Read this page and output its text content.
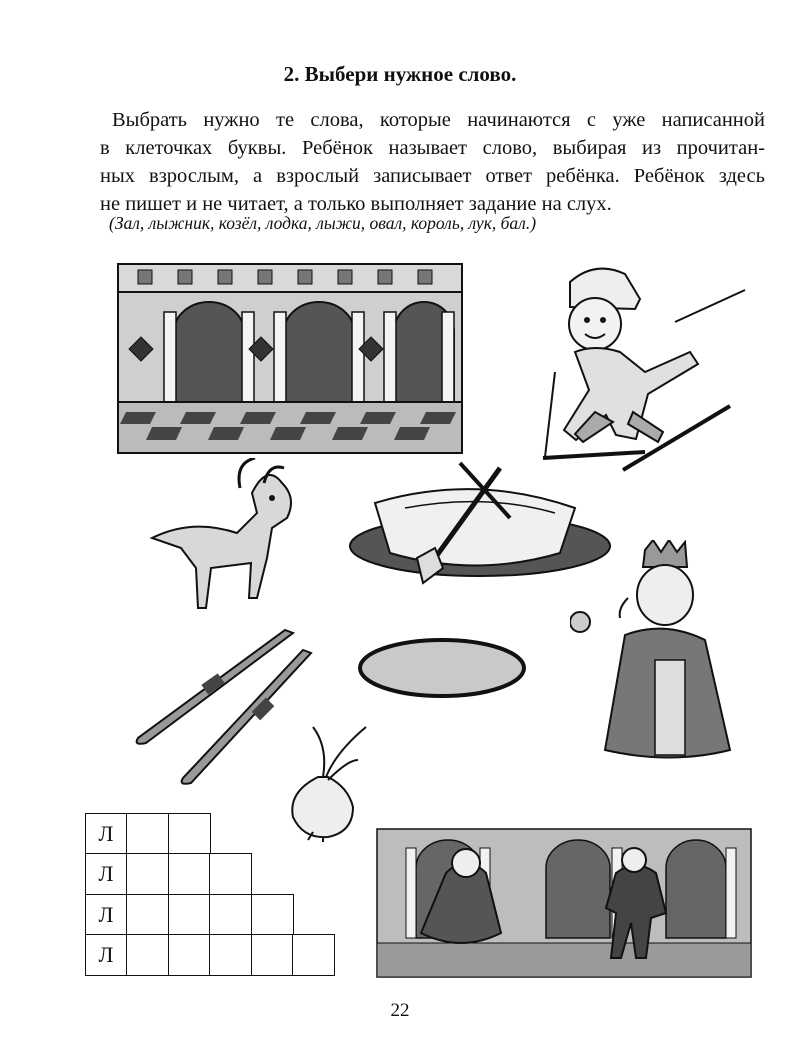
2. Выбери нужное слово.
Выбрать нужно те слова, которые начинаются с уже написанной
в клеточках буквы. Ребёнок называет слово, выбирая из прочитан-
ных взрослым, а взрослый записывает ответ ребёнка. Ребёнок здесь
не пишет и не читает, а только выполняет задание на слух.
(Зал, лыжник, козёл, лодка, лыжи, овал, король, лук, бал.)
Л
Л
Л
Л
22
